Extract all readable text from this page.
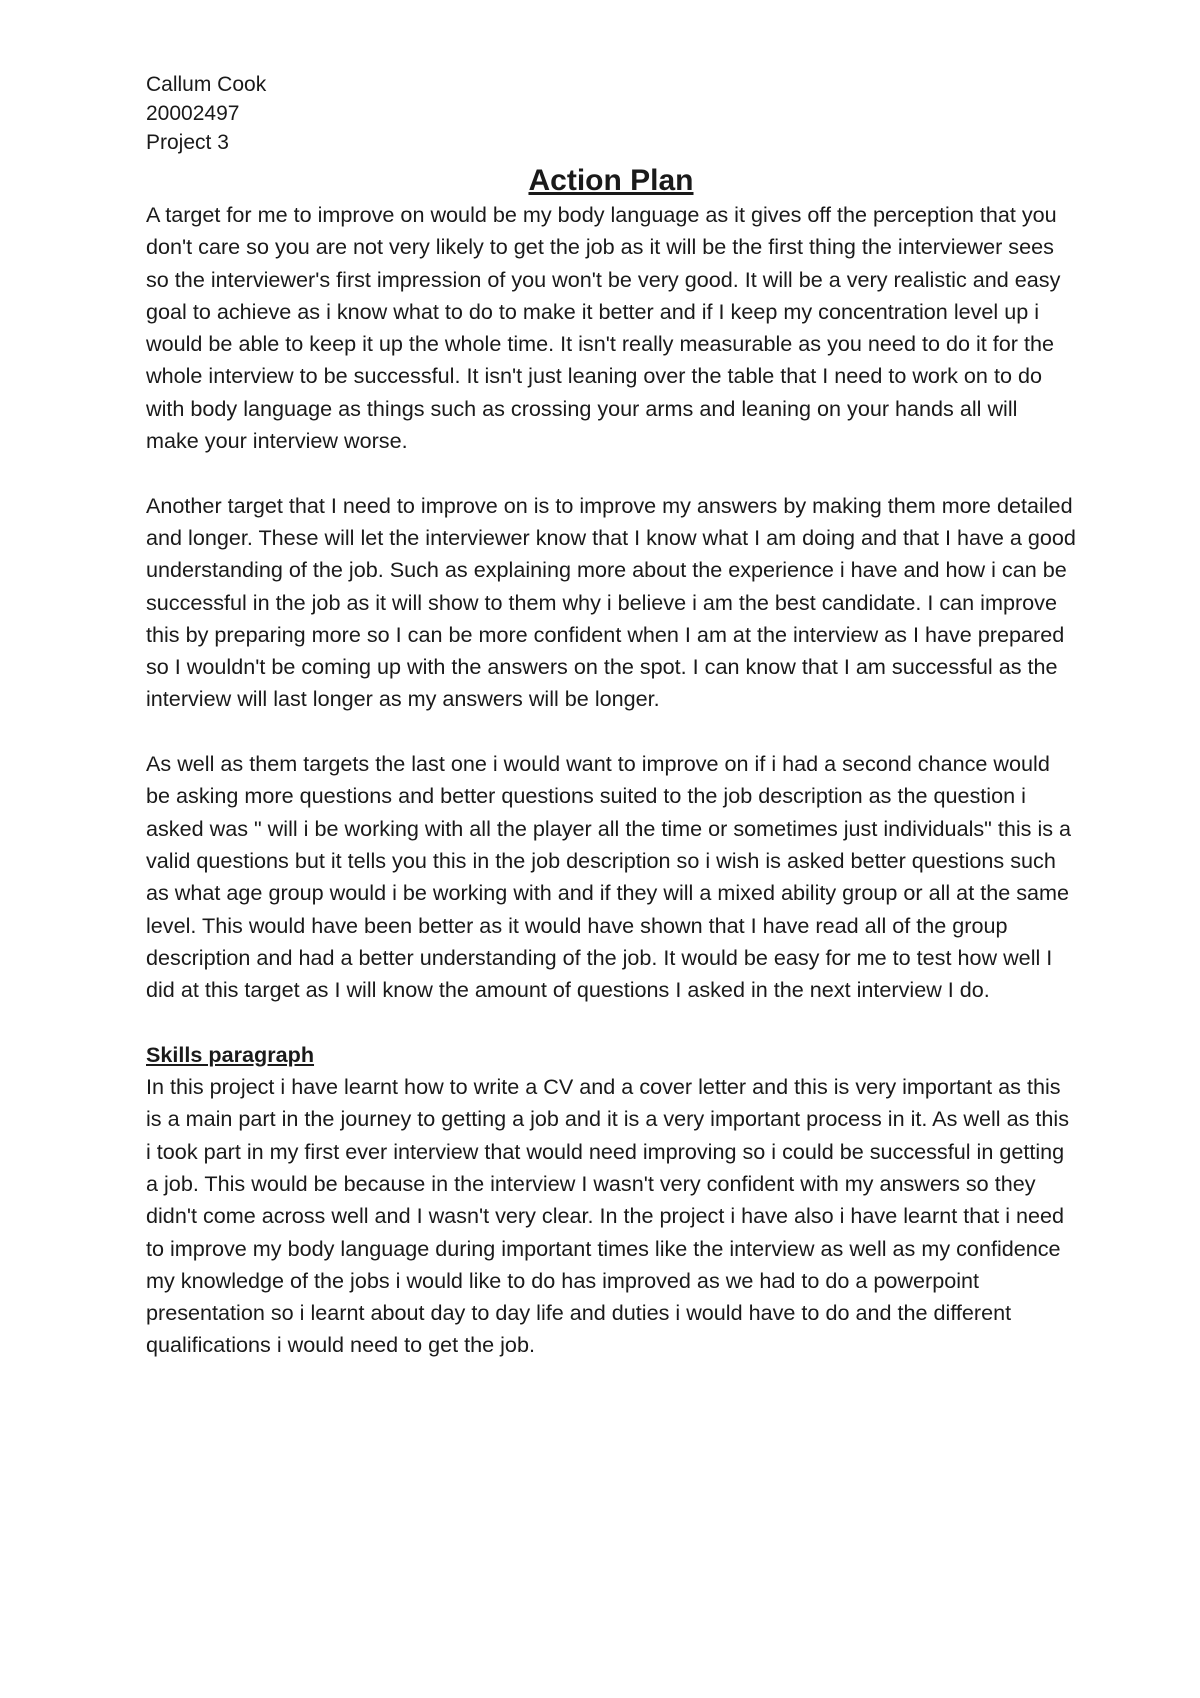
Callum Cook

20002497

Project 3

Action Plan

A target for me to improve on would be my body language as it gives off the perception that you don't care so you are not very likely to get the job as it will be the first thing the interviewer sees so the interviewer's first impression of you won't be very good. It will be a very realistic and easy goal to achieve as i know what to do to make it better and if I keep my concentration level up i would be able to keep it up the whole time. It isn't really measurable as you need to do it for the whole interview to be successful. It isn't just leaning over the table that I need to work on to do with body language as things such as crossing your arms and leaning on your hands all will make your interview worse.

Another target that I need to improve on is to improve my answers by making them more detailed and longer. These will let the interviewer know that I know what I am doing and that I have a good understanding of the job. Such as explaining more about the experience i have and how i can be successful in the job as it will show to them why i believe i am the best candidate. I can improve this by preparing more so I can be more confident when I am at the interview as I have prepared so I wouldn't be coming up with the answers on the spot. I can know that I am successful as the interview will last longer as my answers will be longer.

As well as them targets the last one i would want to improve on if i had a second chance would be asking more questions and better questions suited to the job description as the question i asked was " will i be working with all the player all the time or sometimes just individuals" this is a valid questions but it tells you this in the job description so i wish is asked better questions such as what age group would i be working with and if they will a mixed ability group or all at the same level. This would have been better as it would have shown that I have read all of the group description and had a better understanding of the job. It would be easy for me to test how well I did at this target as I will know the amount of questions I asked in the next interview I do.

Skills paragraph

In this project i have learnt how to write a CV and a cover letter and this is very important as this is a main part in the journey to getting a job and it is a very important process in it. As well as this i took part in my first ever interview that would need improving so i could be successful in getting a job. This would be because in the interview I wasn't very confident with my answers so they didn't come across well and I wasn't very clear. In the project i have also i have learnt that i need to improve my body language during important times like the interview as well as my confidence my knowledge of the jobs i would like to do has improved as we had to do a powerpoint presentation so i learnt about day to day life and duties i would have to do and the different qualifications i would need to get the job.
